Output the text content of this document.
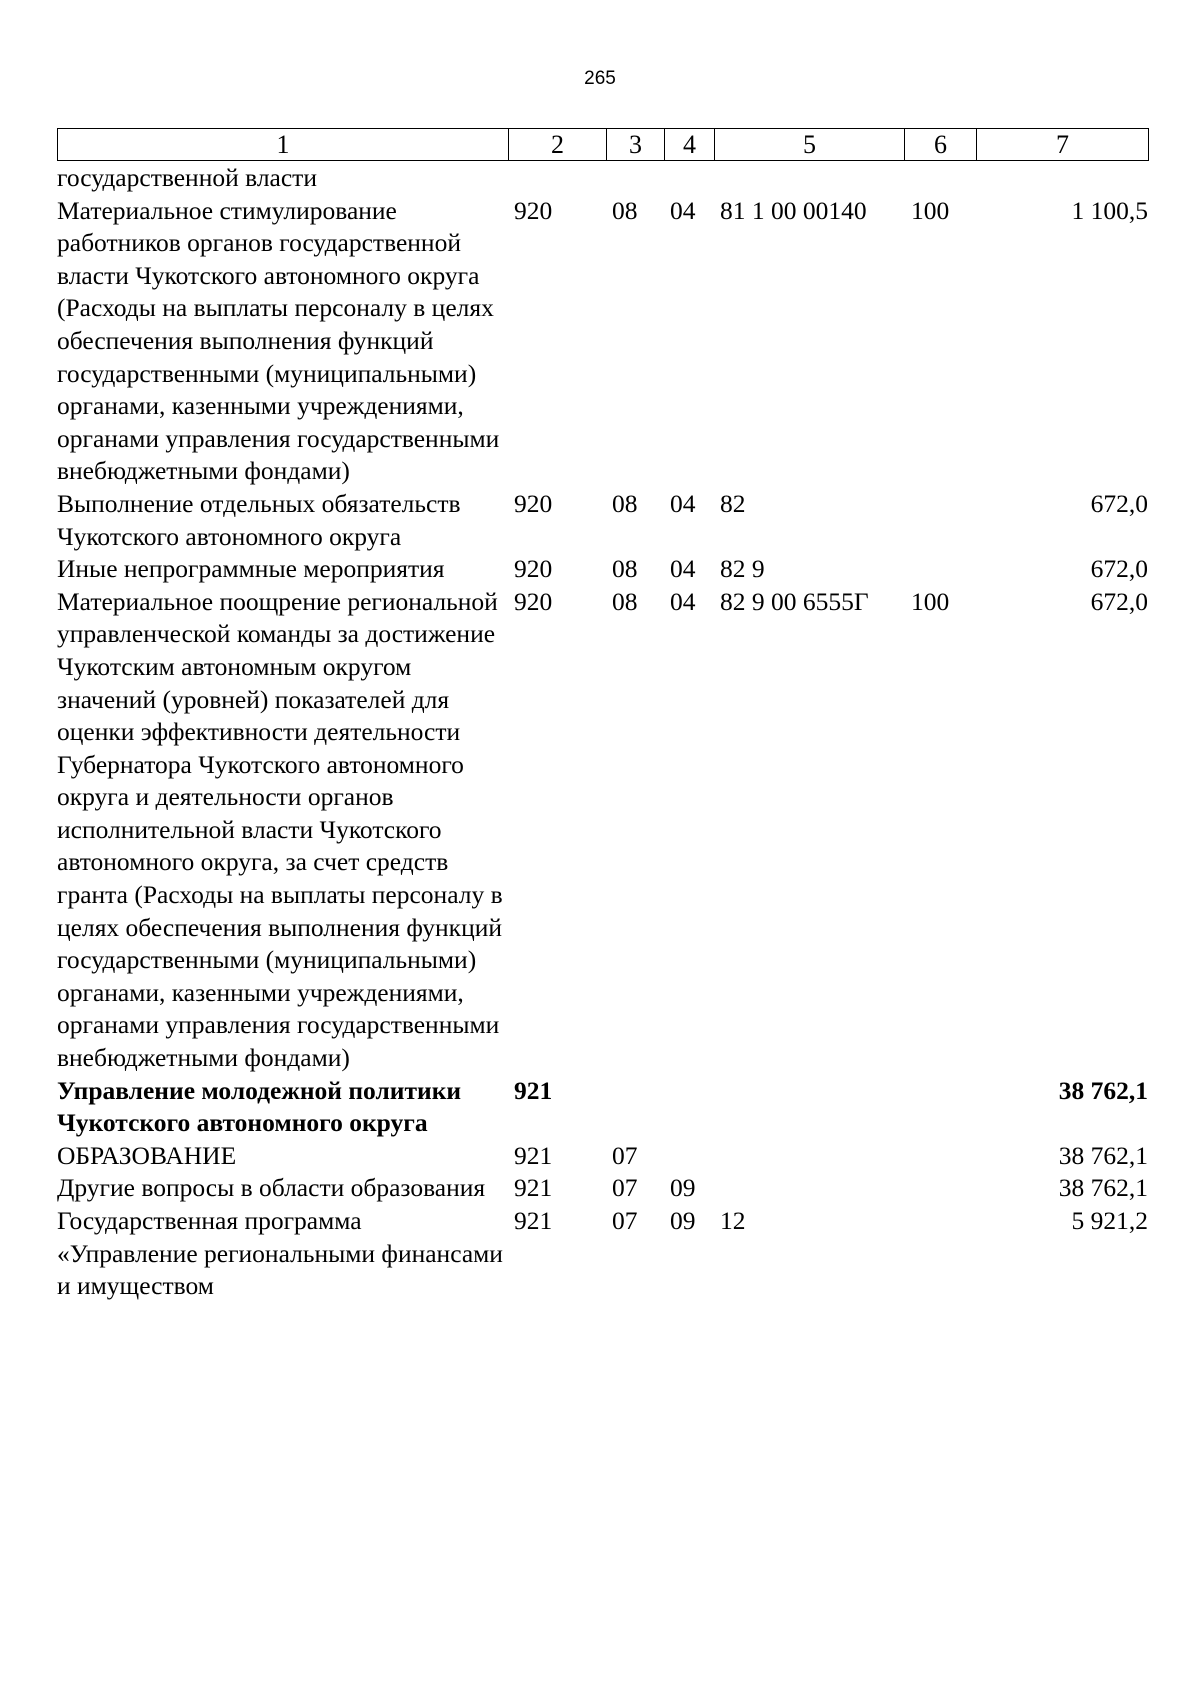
265
1	2	3	4	5	6	7
государственной власти						
Материальное стимулирование работников органов государственной власти Чукотского автономного округа (Расходы на выплаты персоналу в целях обеспечения выполнения функций государственными (муниципальными) органами, казенными учреждениями, органами управления государственными внебюджетными фондами)	920	08	04	81 1 00 00140	100	1 100,5
Выполнение отдельных обязательств Чукотского автономного округа	920	08	04	82		672,0
Иные непрограммные мероприятия	920	08	04	82 9		672,0
Материальное поощрение региональной управленческой команды за достижение Чукотским автономным округом значений (уровней) показателей для оценки эффективности деятельности Губернатора Чукотского автономного округа и деятельности органов исполнительной власти Чукотского автономного округа, за счет средств гранта (Расходы на выплаты персоналу в целях обеспечения выполнения функций государственными (муниципальными) органами, казенными учреждениями, органами управления государственными внебюджетными фондами)	920	08	04	82 9 00 6555Г	100	672,0
Управление молодежной политики Чукотского автономного округа	921					38 762,1
ОБРАЗОВАНИЕ	921	07				38 762,1
Другие вопросы в области образования	921	07	09			38 762,1
Государственная программа «Управление региональными финансами и имуществом	921	07	09	12		5 921,2
